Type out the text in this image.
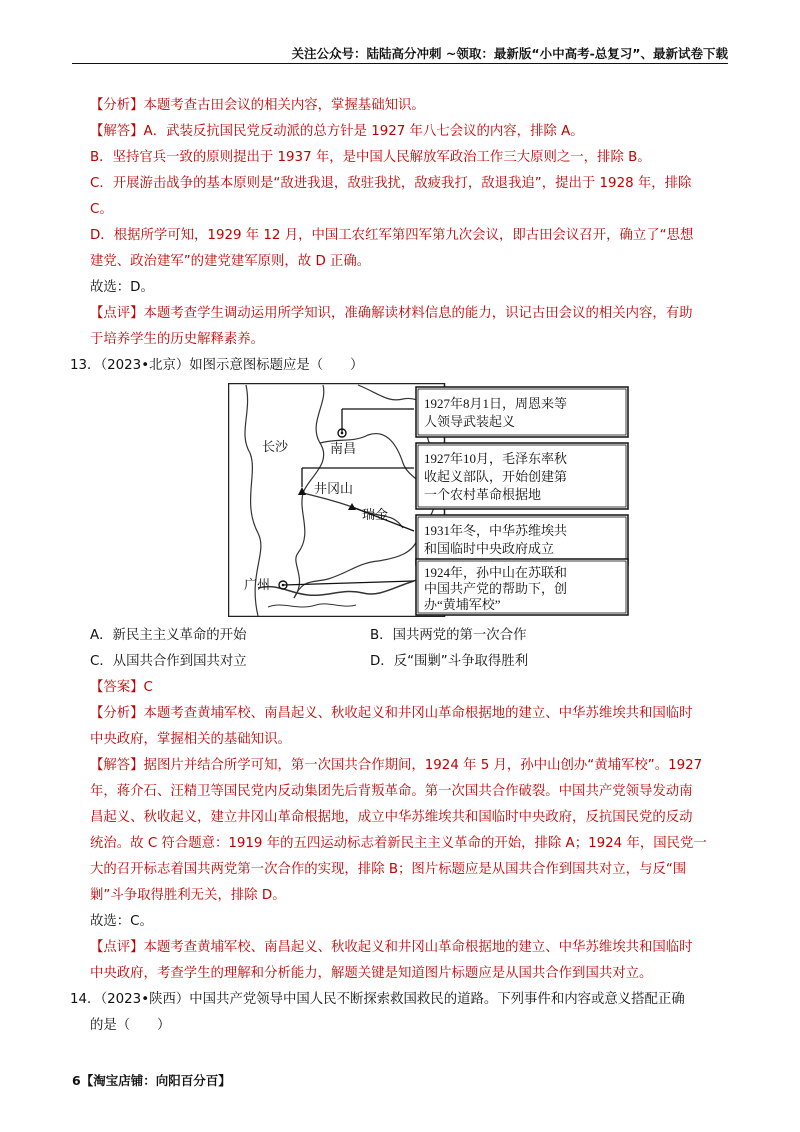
关注公众号：陆陆高分冲刺 ~领取：最新版“小中高考-总复习”、最新试卷下载

【分析】本题考查古田会议的相关内容，掌握基础知识。

【解答】A．武装反抗国民党反动派的总方针是 1927 年八七会议的内容，排除 A。

B．坚持官兵一致的原则提出于 1937 年，是中国人民解放军政治工作三大原则之一，排除 B。

C．开展游击战争的基本原则是“敌进我退，敌驻我扰，敌疲我打，敌退我追”，提出于 1928 年，排除

C。

D．根据所学可知，1929 年 12 月，中国工农红军第四军第九次会议，即古田会议召开，确立了“思想

建党、政治建军”的建党建军原则，故 D 正确。

故选：D。

【点评】本题考查学生调动运用所学知识，准确解读材料信息的能力，识记古田会议的相关内容，有助

于培养学生的历史解释素养。

13．（2023•北京）如图示意图标题应是（　　）

长沙	南昌
井冈山
瑞金
广州
1927年8月1日，周恩来等
人领导武装起义
1927年10月，毛泽东率秋
收起义部队，开始创建第
一个农村革命根据地
1931年冬，中华苏维埃共
和国临时中央政府成立
1924年，孙中山在苏联和
中国共产党的帮助下，创
办“黄埔军校”
A．新民主主义革命的开始	B．国共两党的第一次合作
C．从国共合作到国共对立	D．反“围剿”斗争取得胜利

【答案】C

【分析】本题考查黄埔军校、南昌起义、秋收起义和井冈山革命根据地的建立、中华苏维埃共和国临时

中央政府，掌握相关的基础知识。

【解答】据图片并结合所学可知，第一次国共合作期间，1924 年 5 月，孙中山创办“黄埔军校”。1927

年，蒋介石、汪精卫等国民党内反动集团先后背叛革命。第一次国共合作破裂。中国共产党领导发动南

昌起义、秋收起义，建立井冈山革命根据地，成立中华苏维埃共和国临时中央政府，反抗国民党的反动

统治。故 C 符合题意：1919 年的五四运动标志着新民主主义革命的开始，排除 A；1924 年，国民党一

大的召开标志着国共两党第一次合作的实现，排除 B；图片标题应是从国共合作到国共对立，与反“围

剿”斗争取得胜利无关，排除 D。

故选：C。

【点评】本题考查黄埔军校、南昌起义、秋收起义和井冈山革命根据地的建立、中华苏维埃共和国临时

中央政府，考查学生的理解和分析能力，解题关键是知道图片标题应是从国共合作到国共对立。

14．（2023•陕西）中国共产党领导中国人民不断探索救国救民的道路。下列事件和内容或意义搭配正确

的是（　　）

6【淘宝店铺：向阳百分百】
